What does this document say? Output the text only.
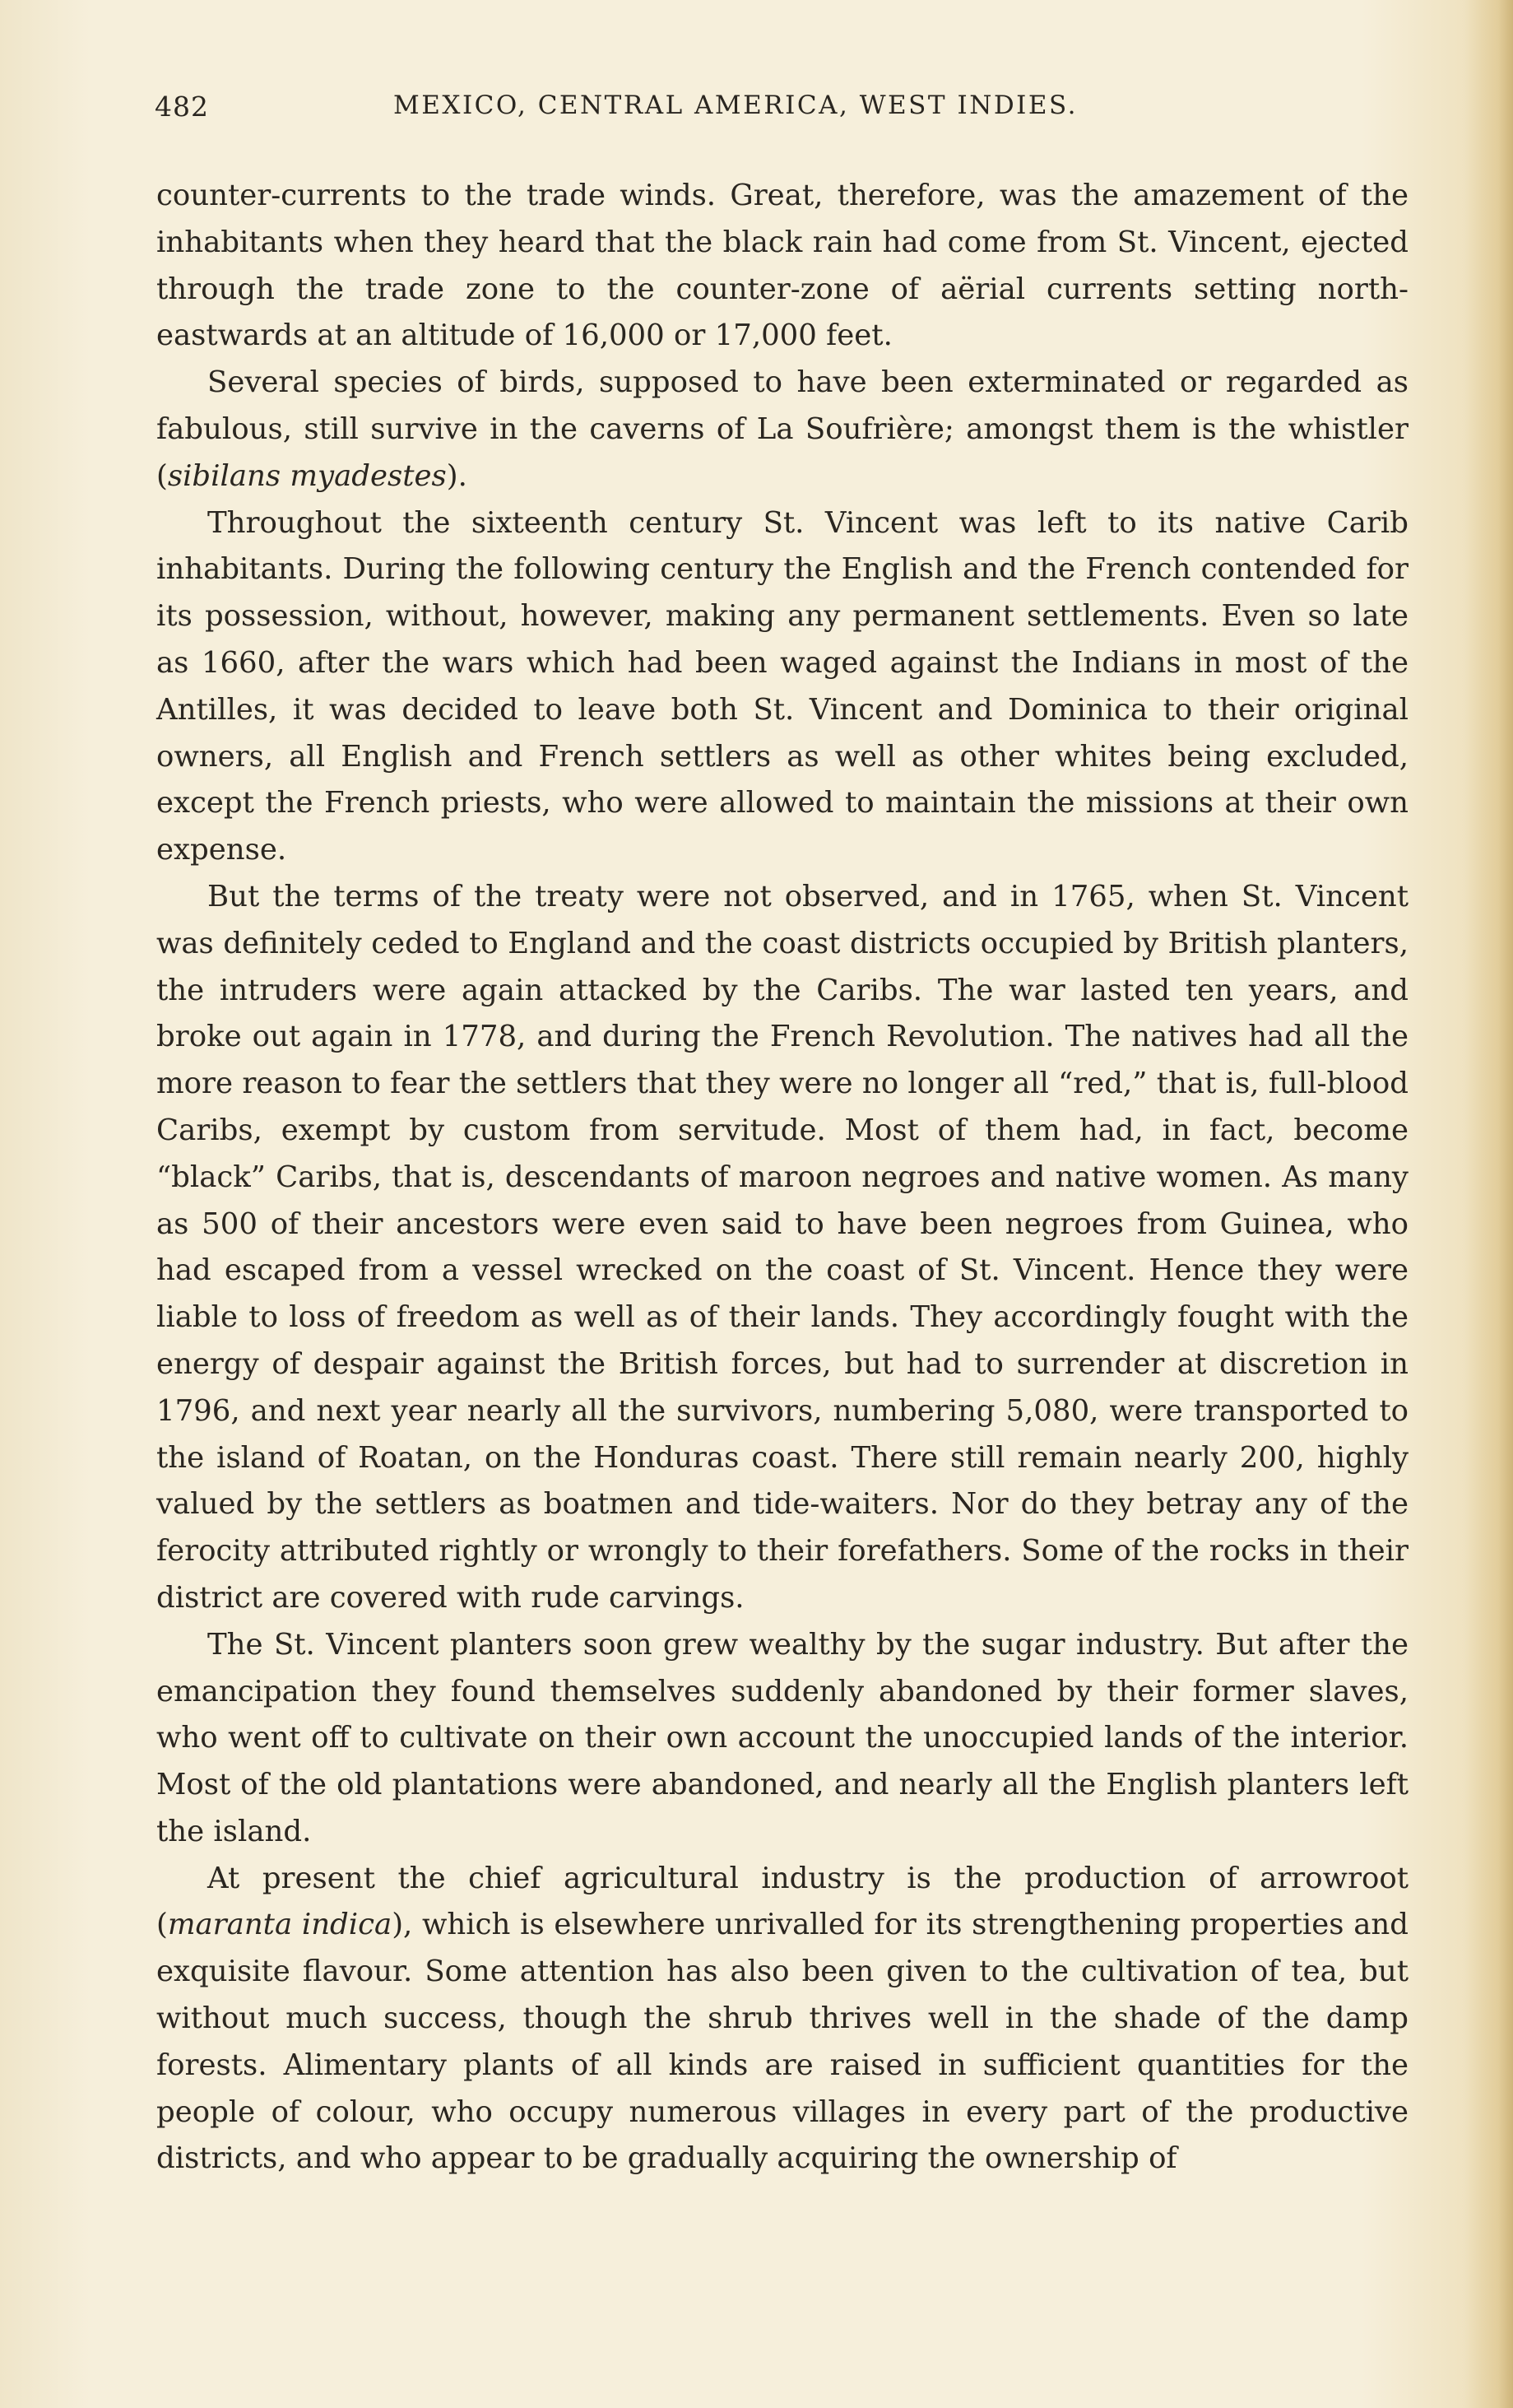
482	MEXICO, CENTRAL AMERICA, WEST INDIES.

counter-currents to the trade winds. Great, therefore, was the amazement of the inhabitants when they heard that the black rain had come from St. Vincent, ejected through the trade zone to the counter-zone of aërial currents setting north-eastwards at an altitude of 16,000 or 17,000 feet.

Several species of birds, supposed to have been exterminated or regarded as fabulous, still survive in the caverns of La Soufrière; amongst them is the whistler (sibilans myadestes).

Throughout the sixteenth century St. Vincent was left to its native Carib inhabitants. During the following century the English and the French contended for its possession, without, however, making any permanent settlements. Even so late as 1660, after the wars which had been waged against the Indians in most of the Antilles, it was decided to leave both St. Vincent and Dominica to their original owners, all English and French settlers as well as other whites being excluded, except the French priests, who were allowed to maintain the missions at their own expense.

But the terms of the treaty were not observed, and in 1765, when St. Vincent was definitely ceded to England and the coast districts occupied by British planters, the intruders were again attacked by the Caribs. The war lasted ten years, and broke out again in 1778, and during the French Revolution. The natives had all the more reason to fear the settlers that they were no longer all “red,” that is, full-blood Caribs, exempt by custom from servitude. Most of them had, in fact, become “black” Caribs, that is, descendants of maroon negroes and native women. As many as 500 of their ancestors were even said to have been negroes from Guinea, who had escaped from a vessel wrecked on the coast of St. Vincent. Hence they were liable to loss of freedom as well as of their lands. They accordingly fought with the energy of despair against the British forces, but had to surrender at discretion in 1796, and next year nearly all the survivors, numbering 5,080, were transported to the island of Roatan, on the Honduras coast. There still remain nearly 200, highly valued by the settlers as boatmen and tide-waiters. Nor do they betray any of the ferocity attributed rightly or wrongly to their forefathers. Some of the rocks in their district are covered with rude carvings.

The St. Vincent planters soon grew wealthy by the sugar industry. But after the emancipation they found themselves suddenly abandoned by their former slaves, who went off to cultivate on their own account the unoccupied lands of the interior. Most of the old plantations were abandoned, and nearly all the English planters left the island.

At present the chief agricultural industry is the production of arrowroot (maranta indica), which is elsewhere unrivalled for its strengthening properties and exquisite flavour. Some attention has also been given to the cultivation of tea, but without much success, though the shrub thrives well in the shade of the damp forests. Alimentary plants of all kinds are raised in sufficient quantities for the people of colour, who occupy numerous villages in every part of the productive districts, and who appear to be gradually acquiring the ownership of
